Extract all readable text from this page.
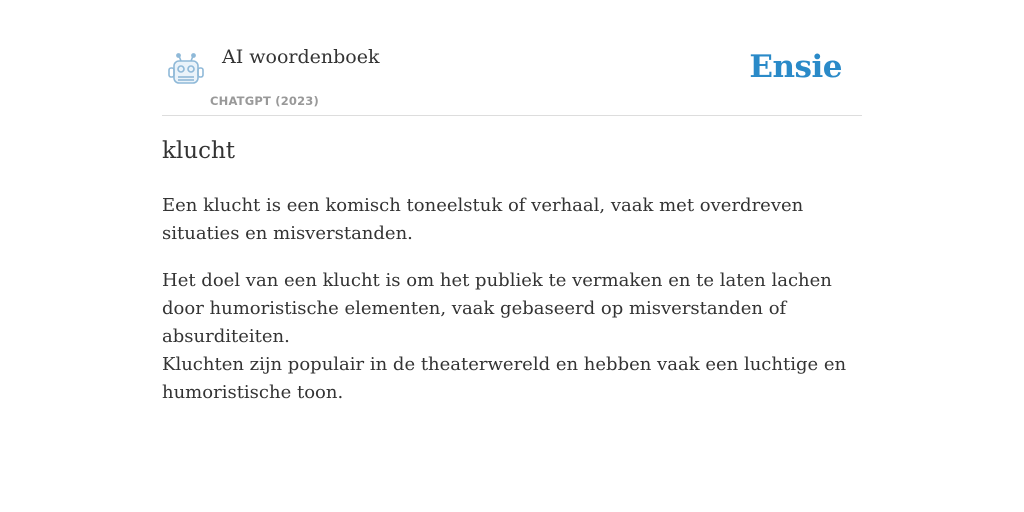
AI woordenboek
CHATGPT (2023)
Ensie
klucht

Een klucht is een komisch toneelstuk of verhaal, vaak met overdreven situaties en misverstanden.

Het doel van een klucht is om het publiek te vermaken en te laten lachen door humoristische elementen, vaak gebaseerd op misverstanden of absurditeiten.

Kluchten zijn populair in de theaterwereld en hebben vaak een luchtige en humoristische toon.
